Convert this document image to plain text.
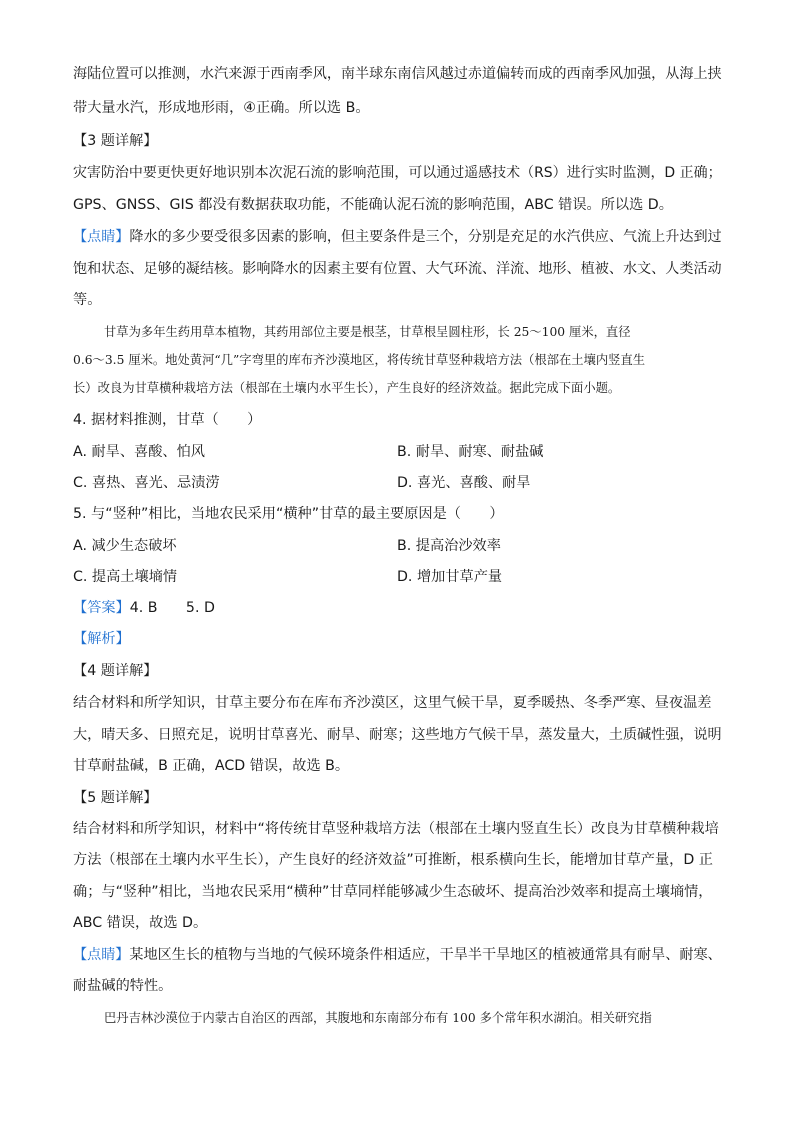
海陆位置可以推测，水汽来源于西南季风，南半球东南信风越过赤道偏转而成的西南季风加强，从海上挟
带大量水汽，形成地形雨，④正确。所以选 B。
【3 题详解】
灾害防治中要更快更好地识别本次泥石流的影响范围，可以通过遥感技术（RS）进行实时监测，D 正确；
GPS、GNSS、GIS 都没有数据获取功能，不能确认泥石流的影响范围，ABC 错误。所以选 D。
【点睛】降水的多少要受很多因素的影响，但主要条件是三个，分别是充足的水汽供应、气流上升达到过
饱和状态、足够的凝结核。影响降水的因素主要有位置、大气环流、洋流、地形、植被、水文、人类活动
等。
甘草为多年生药用草本植物，其药用部位主要是根茎，甘草根呈圆柱形，长 25～100 厘米，直径
0.6～3.5 厘米。地处黄河“几”字弯里的库布齐沙漠地区，将传统甘草竖种栽培方法（根部在土壤内竖直生
长）改良为甘草横种栽培方法（根部在土壤内水平生长），产生良好的经济效益。据此完成下面小题。
4. 据材料推测，甘草（　　）
A. 耐旱、喜酸、怕风	B. 耐旱、耐寒、耐盐碱
C. 喜热、喜光、忌渍涝	D. 喜光、喜酸、耐旱
5. 与“竖种”相比，当地农民采用“横种”甘草的最主要原因是（　　）
A. 减少生态破坏	B. 提高治沙效率
C. 提高土壤墒情	D. 增加甘草产量
【答案】4. B　　5. D
【解析】
【4 题详解】
结合材料和所学知识，甘草主要分布在库布齐沙漠区，这里气候干旱，夏季暖热、冬季严寒、昼夜温差
大，晴天多、日照充足，说明甘草喜光、耐旱、耐寒；这些地方气候干旱，蒸发量大，土质碱性强，说明
甘草耐盐碱，B 正确，ACD 错误，故选 B。
【5 题详解】
结合材料和所学知识，材料中“将传统甘草竖种栽培方法（根部在土壤内竖直生长）改良为甘草横种栽培
方法（根部在土壤内水平生长），产生良好的经济效益”可推断，根系横向生长，能增加甘草产量，D 正
确；与“竖种”相比，当地农民采用“横种”甘草同样能够减少生态破坏、提高治沙效率和提高土壤墒情，
ABC 错误，故选 D。
【点睛】某地区生长的植物与当地的气候环境条件相适应，干旱半干旱地区的植被通常具有耐旱、耐寒、
耐盐碱的特性。
巴丹吉林沙漠位于内蒙古自治区的西部，其腹地和东南部分布有 100 多个常年积水湖泊。相关研究指
